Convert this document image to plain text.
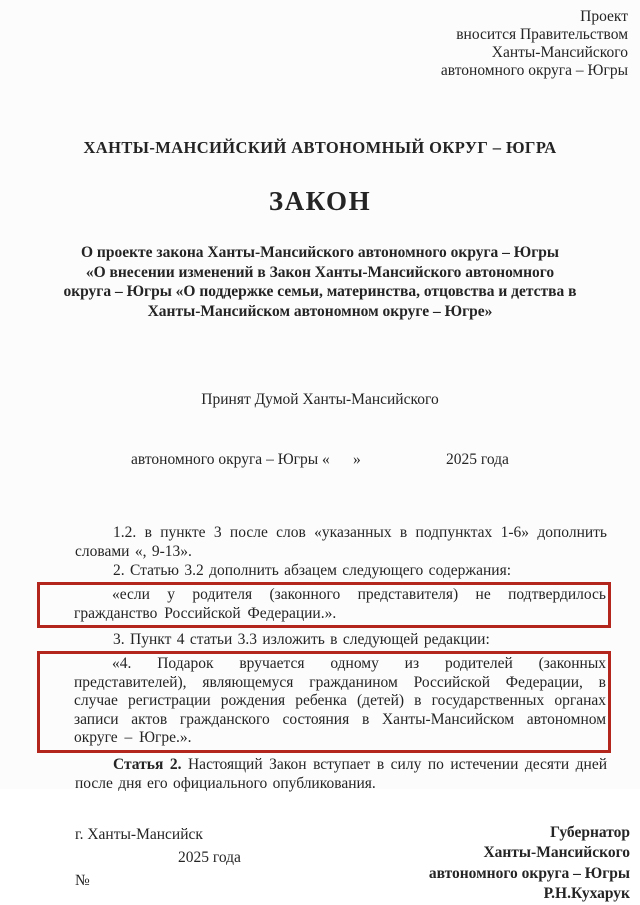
Проект
вносится Правительством
Ханты-Мансийского
автономного округа – Югры
ХАНТЫ-МАНСИЙСКИЙ АВТОНОМНЫЙ ОКРУГ – ЮГРА
ЗАКОН
О проекте закона Ханты-Мансийского автономного округа – Югры
«О внесении изменений в Закон Ханты-Мансийского автономного
округа – Югры «О поддержке семьи, материнства, отцовства и детства в
Ханты-Мансийском автономном округе – Югре»

Принят Думой Ханты-Мансийского

автономного округа – Югры «      »                      2025 года

1.2. в пункте 3 после слов «указанных в подпунктах 1-6» дополнить словами «, 9-13».

2. Статью 3.2 дополнить абзацем следующего содержания:

«если у родителя (законного представителя) не подтвердилось гражданство Российской Федерации.».

3. Пункт 4 статьи 3.3 изложить в следующей редакции:

«4. Подарок вручается одному из родителей (законных представителей), являющемуся гражданином Российской Федерации, в случае регистрации рождения ребенка (детей) в государственных органах записи актов гражданского состояния в Ханты-Мансийском автономном округе – Югре.».

Статья 2. Настоящий Закон вступает в силу по истечении десяти дней после дня его официального опубликования.

г. Ханты-Мансийск
2025 года
№
Губернатор
Ханты-Мансийского
автономного округа – Югры
Р.Н.Кухарук
